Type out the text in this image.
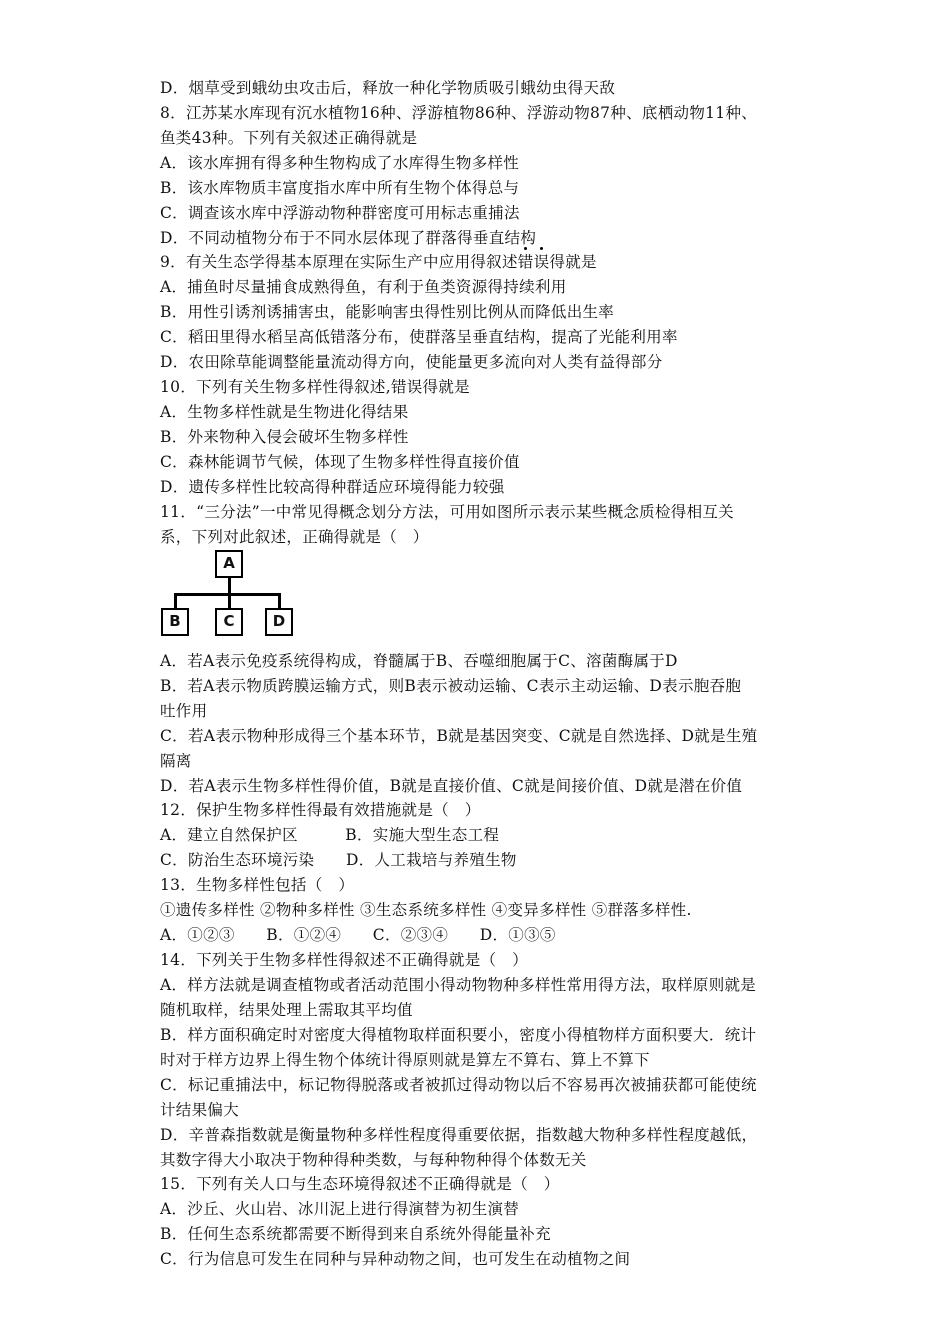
D．烟草受到蛾幼虫攻击后，释放一种化学物质吸引蛾幼虫得天敌
8．江苏某水库现有沉水植物16种、浮游植物86种、浮游动物87种、底栖动物11种、
鱼类43种。下列有关叙述正确得就是
A．该水库拥有得多种生物构成了水库得生物多样性
B．该水库物质丰富度指水库中所有生物个体得总与
C．调查该水库中浮游动物种群密度可用标志重捕法
D．不同动植物分布于不同水层体现了群落得垂直结构
9．有关生态学得基本原理在实际生产中应用得叙述错误得就是
A．捕鱼时尽量捕食成熟得鱼，有利于鱼类资源得持续利用
B．用性引诱剂诱捕害虫，能影响害虫得性别比例从而降低出生率
C．稻田里得水稻呈高低错落分布，使群落呈垂直结构，提高了光能利用率
D．农田除草能调整能量流动得方向，使能量更多流向对人类有益得部分
10．下列有关生物多样性得叙述,错误得就是
A．生物多样性就是生物进化得结果
B．外来物种入侵会破坏生物多样性
C．森林能调节气候，体现了生物多样性得直接价值
D．遗传多样性比较高得种群适应环境得能力较强
11．“三分法”一中常见得概念划分方法，可用如图所示表示某些概念质检得相互关
系，下列对此叙述，正确得就是（　）
A
B	C	D
A．若A表示免疫系统得构成，脊髓属于B、吞噬细胞属于C、溶菌酶属于D
B．若A表示物质跨膜运输方式，则B表示被动运输、C表示主动运输、D表示胞吞胞
吐作用
C．若A表示物种形成得三个基本环节，B就是基因突变、C就是自然选择、D就是生殖
隔离
D．若A表示生物多样性得价值，B就是直接价值、C就是间接价值、D就是潜在价值
12．保护生物多样性得最有效措施就是（　）
A．建立自然保护区　　　B．实施大型生态工程
C．防治生态环境污染　　D．人工栽培与养殖生物
13．生物多样性包括（　）
①遗传多样性 ②物种多样性 ③生态系统多样性 ④变异多样性 ⑤群落多样性.
A．①②③　　B．①②④　　C．②③④　　D．①③⑤
14．下列关于生物多样性得叙述不正确得就是（　）
A．样方法就是调查植物或者活动范围小得动物物种多样性常用得方法，取样原则就是
随机取样，结果处理上需取其平均值
B．样方面积确定时对密度大得植物取样面积要小，密度小得植物样方面积要大．统计
时对于样方边界上得生物个体统计得原则就是算左不算右、算上不算下
C．标记重捕法中，标记物得脱落或者被抓过得动物以后不容易再次被捕获都可能使统
计结果偏大
D．辛普森指数就是衡量物种多样性程度得重要依据，指数越大物种多样性程度越低，
其数字得大小取决于物种得种类数，与每种物种得个体数无关
15．下列有关人口与生态环境得叙述不正确得就是（　）
A．沙丘、火山岩、冰川泥上进行得演替为初生演替
B．任何生态系统都需要不断得到来自系统外得能量补充
C．行为信息可发生在同种与异种动物之间，也可发生在动植物之间
